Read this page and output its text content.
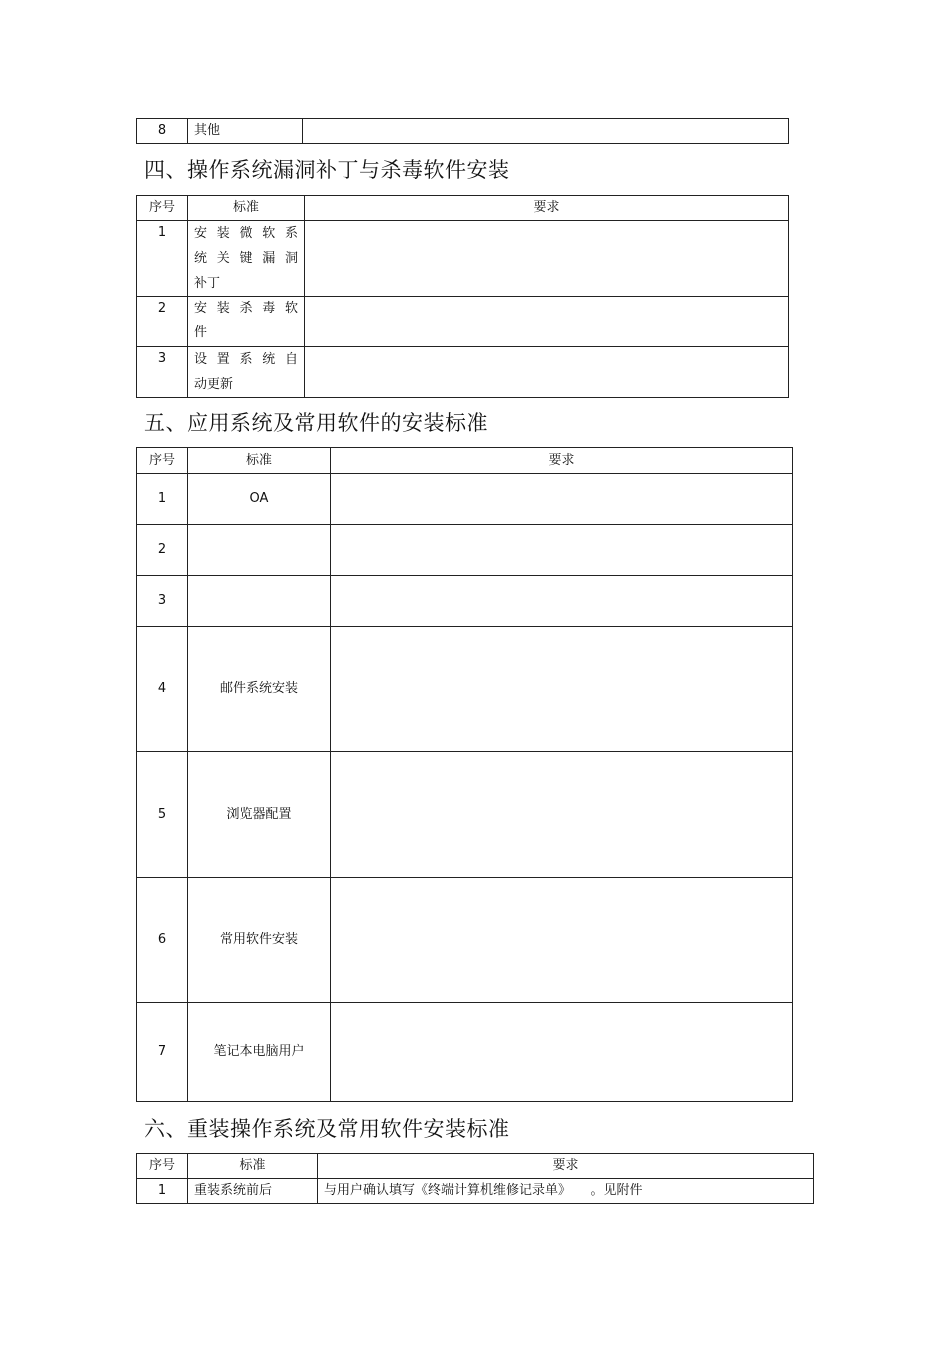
8	其他	
四、操作系统漏洞补丁与杀毒软件安装
序号	标准	要求
1	安装微软系
统关键漏洞
补丁	

2	安装杀毒软
件	

3	设置系统自
动更新	

五、应用系统及常用软件的安装标准
序号	标准	要求
1	OA	
2		
3		
4	邮件系统安装	
5	浏览器配置	
6	常用软件安装	
7	笔记本电脑用户	
六、重装操作系统及常用软件安装标准
序号	标准	要求
1	重装系统前后	与用户确认填写《终端计算机维修记录单》 。见附件
